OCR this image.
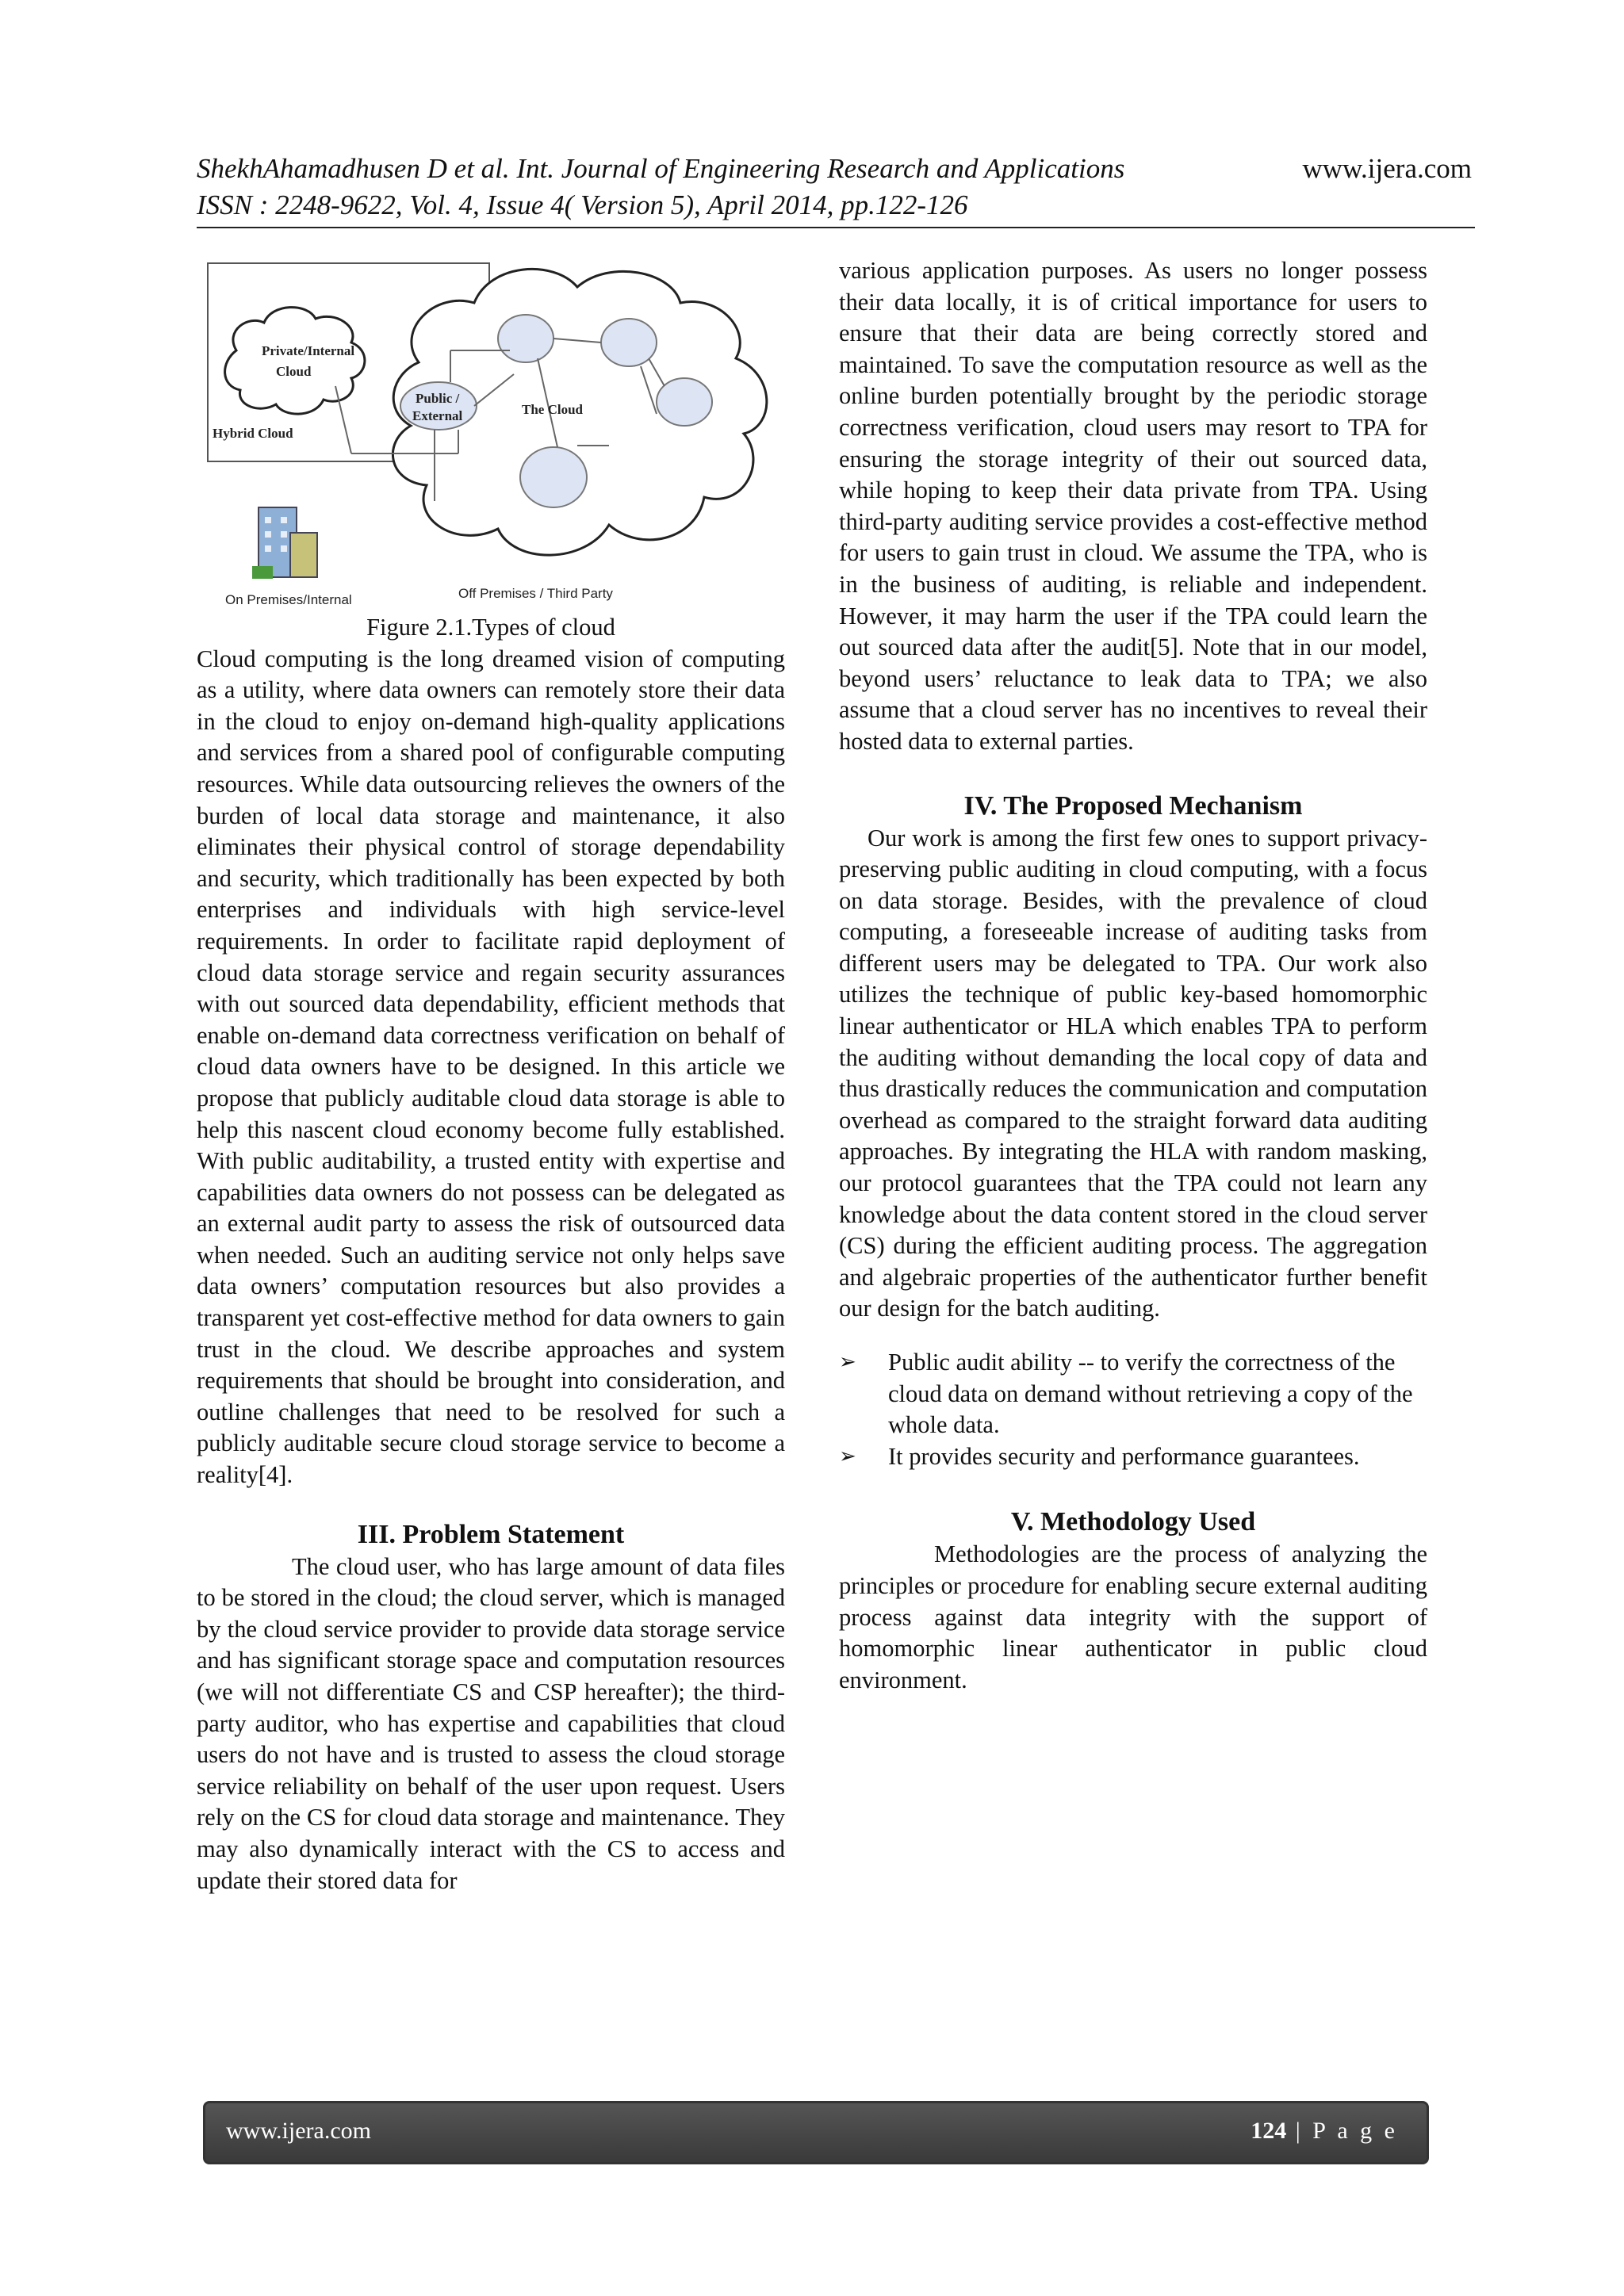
ShekhAhamadhusen D et al. Int. Journal of Engineering Research and Applications	www.ijera.com
ISSN : 2248-9622, Vol. 4, Issue 4( Version 5), April 2014, pp.122-126
Private/Internal
Cloud
Hybrid Cloud
Public /
External	The Cloud
On Premises/Internal	Off Premises / Third Party

Figure 2.1.Types of cloud

Cloud computing is the long dreamed vision of computing as a utility, where data owners can remotely store their data in the cloud to enjoy on-demand high-quality applications and services from a shared pool of configurable computing resources. While data outsourcing relieves the owners of the burden of local data storage and maintenance, it also eliminates their physical control of storage dependability and security, which traditionally has been expected by both enterprises and individuals with high service-level requirements. In order to facilitate rapid deployment of cloud data storage service and regain security assurances with out sourced data dependability, efficient methods that enable on-demand data correctness verification on behalf of cloud data owners have to be designed. In this article we propose that publicly auditable cloud data storage is able to help this nascent cloud economy become fully established. With public auditability, a trusted entity with expertise and capabilities data owners do not possess can be delegated as an external audit party to assess the risk of outsourced data when needed. Such an auditing service not only helps save data owners’ computation resources but also provides a transparent yet cost-effective method for data owners to gain trust in the cloud. We describe approaches and system requirements that should be brought into consideration, and outline challenges that need to be resolved for such a publicly auditable secure cloud storage service to become a reality[4].

III. Problem Statement

The cloud user, who has large amount of data files to be stored in the cloud; the cloud server, which is managed by the cloud service provider to provide data storage service and has significant storage space and computation resources (we will not differentiate CS and CSP hereafter); the third-party auditor, who has expertise and capabilities that cloud users do not have and is trusted to assess the cloud storage service reliability on behalf of the user upon request. Users rely on the CS for cloud data storage and maintenance. They may also dynamically interact with the CS to access and update their stored data for

various application purposes. As users no longer possess their data locally, it is of critical importance for users to ensure that their data are being correctly stored and maintained. To save the computation resource as well as the online burden potentially brought by the periodic storage correctness verification, cloud users may resort to TPA for ensuring the storage integrity of their out sourced data, while hoping to keep their data private from TPA. Using third-party auditing service provides a cost-effective method for users to gain trust in cloud. We assume the TPA, who is in the business of auditing, is reliable and independent. However, it may harm the user if the TPA could learn the out sourced data after the audit[5]. Note that in our model, beyond users’ reluctance to leak data to TPA; we also assume that a cloud server has no incentives to reveal their hosted data to external parties.

IV. The Proposed Mechanism

Our work is among the first few ones to support privacy-preserving public auditing in cloud computing, with a focus on data storage. Besides, with the prevalence of cloud computing, a foreseeable increase of auditing tasks from different users may be delegated to TPA. Our work also utilizes the technique of public key-based homomorphic linear authenticator or HLA which enables TPA to perform the auditing without demanding the local copy of data and thus drastically reduces the communication and computation overhead as compared to the straight forward data auditing approaches. By integrating the HLA with random masking, our protocol guarantees that the TPA could not learn any knowledge about the data content stored in the cloud server (CS) during the efficient auditing process. The aggregation and algebraic properties of the authenticator further benefit our design for the batch auditing.

➢ Public audit ability -- to verify the correctness of the cloud data on demand without retrieving a copy of the whole data.
➢ It provides security and performance guarantees.
V. Methodology Used

Methodologies are the process of analyzing the principles or procedure for enabling secure external auditing process against data integrity with the support of homomorphic linear authenticator in public cloud environment.

www.ijera.com	124 | P a g e
